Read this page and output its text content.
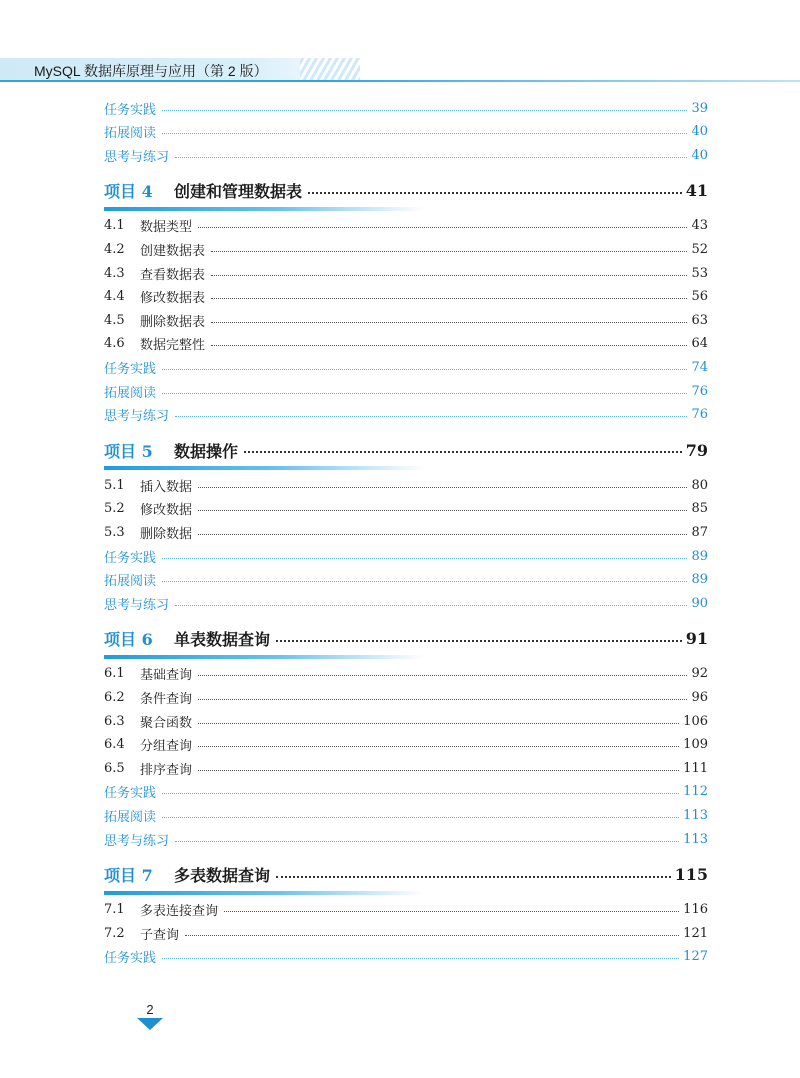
MySQL 数据库原理与应用（第 2 版）
任务实践	39
拓展阅读	40
思考与练习	40
项目 4	创建和管理数据表	41
4.1	数据类型	43
4.2	创建数据表	52
4.3	查看数据表	53
4.4	修改数据表	56
4.5	删除数据表	63
4.6	数据完整性	64
任务实践	74
拓展阅读	76
思考与练习	76
项目 5	数据操作	79
5.1	插入数据	80
5.2	修改数据	85
5.3	删除数据	87
任务实践	89
拓展阅读	89
思考与练习	90
项目 6	单表数据查询	91
6.1	基础查询	92
6.2	条件查询	96
6.3	聚合函数	106
6.4	分组查询	109
6.5	排序查询	111
任务实践	112
拓展阅读	113
思考与练习	113
项目 7	多表数据查询	115
7.1	多表连接查询	116
7.2	子查询	121
任务实践	127
2
